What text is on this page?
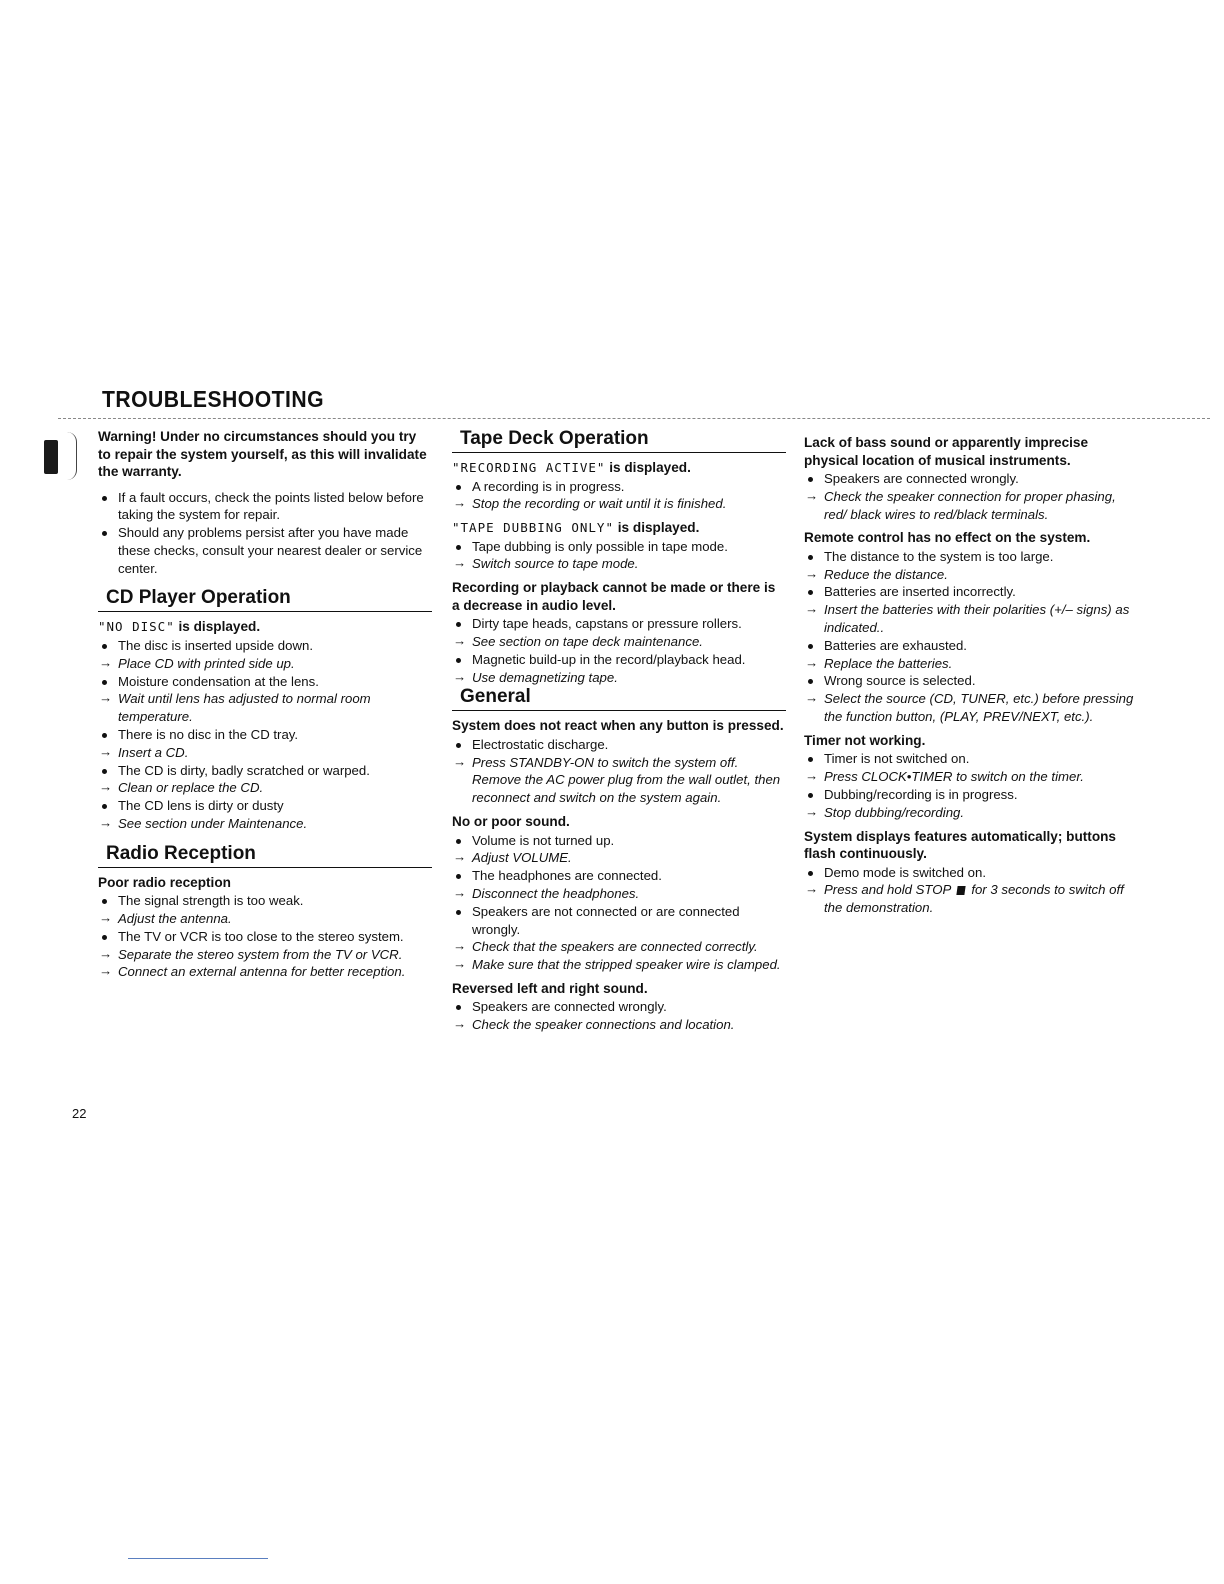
TROUBLESHOOTING

Warning! Under no circumstances should you try to repair the system yourself, as this will invalidate the warranty.

If a fault occurs, check the points listed below before taking the system for repair.
Should any problems persist after you have made these checks, consult your nearest dealer or service center.
CD Player Operation

"NO DISC" is displayed.

The disc is inserted upside down.
→ Place CD with printed side up.
Moisture condensation at the lens.
→ Wait until lens has adjusted to normal room temperature.
There is no disc in the CD tray.
→ Insert a CD.
The CD is dirty, badly scratched or warped.
→ Clean or replace the CD.
The CD lens is dirty or dusty
→ See section under Maintenance.
Radio Reception

Poor radio reception

The signal strength is too weak.
→ Adjust the antenna.
The TV or VCR is too close to the stereo system.
→ Separate the stereo system from the TV or VCR.
→ Connect an external antenna for better reception.
Tape Deck Operation

"RECORDING ACTIVE" is displayed.

A recording is in progress.
→ Stop the recording or wait until it is finished.

"TAPE DUBBING ONLY" is displayed.

Tape dubbing is only possible in tape mode.
→ Switch source to tape mode.

Recording or playback cannot be made or there is a decrease in audio level.

Dirty tape heads, capstans or pressure rollers.
→ See section on tape deck maintenance.
Magnetic build-up in the record/playback head.
→ Use demagnetizing tape.
General

System does not react when any button is pressed.

Electrostatic discharge.
→ Press STANDBY-ON to switch the system off. Remove the AC power plug from the wall outlet, then reconnect and switch on the system again.

No or poor sound.

Volume is not turned up.
→ Adjust VOLUME.
The headphones are connected.
→ Disconnect the headphones.
Speakers are not connected or are connected wrongly.
→ Check that the speakers are connected correctly.
→ Make sure that the stripped speaker wire is clamped.

Reversed left and right sound.

Speakers are connected wrongly.
→ Check the speaker connections and location.

Lack of bass sound or apparently imprecise physical location of musical instruments.

Speakers are connected wrongly.
→ Check the speaker connection for proper phasing, red/ black wires to red/black terminals.

Remote control has no effect on the system.

The distance to the system is too large.
→ Reduce the distance.
Batteries are inserted incorrectly.
→ Insert the batteries with their polarities (+/– signs) as indicated..
Batteries are exhausted.
→ Replace the batteries.
Wrong source is selected.
→ Select the source (CD, TUNER, etc.) before pressing the function button, (PLAY, PREV/NEXT, etc.).

Timer not working.

Timer is not switched on.
→ Press CLOCK•TIMER to switch on the timer.
Dubbing/recording is in progress.
→ Stop dubbing/recording.

System displays features automatically; buttons flash continuously.

Demo mode is switched on.
→ Press and hold STOP for 3 seconds to switch off the demonstration.

22
